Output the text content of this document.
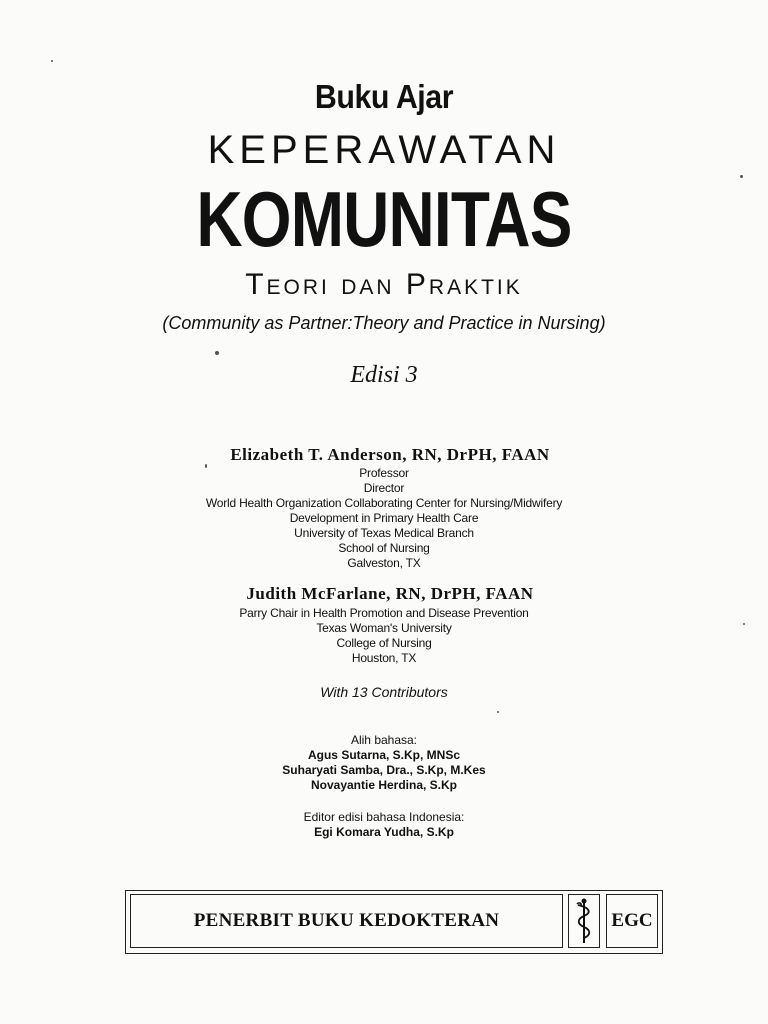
Buku Ajar
KEPERAWATAN
KOMUNITAS
Teori dan Praktik
(Community as Partner:Theory and Practice in Nursing)
Edisi 3
Elizabeth T. Anderson, RN, DrPH, FAAN
Professor
Director
World Health Organization Collaborating Center for Nursing/Midwifery
Development in Primary Health Care
University of Texas Medical Branch
School of Nursing
Galveston, TX
Judith McFarlane, RN, DrPH, FAAN
Parry Chair in Health Promotion and Disease Prevention
Texas Woman's University
College of Nursing
Houston, TX
With 13 Contributors
Alih bahasa:
Agus Sutarna, S.Kp, MNSc
Suharyati Samba, Dra., S.Kp, M.Kes
Novayantie Herdina, S.Kp
Editor edisi bahasa Indonesia:
Egi Komara Yudha, S.Kp
PENERBIT BUKU KEDOKTERAN	EGC
